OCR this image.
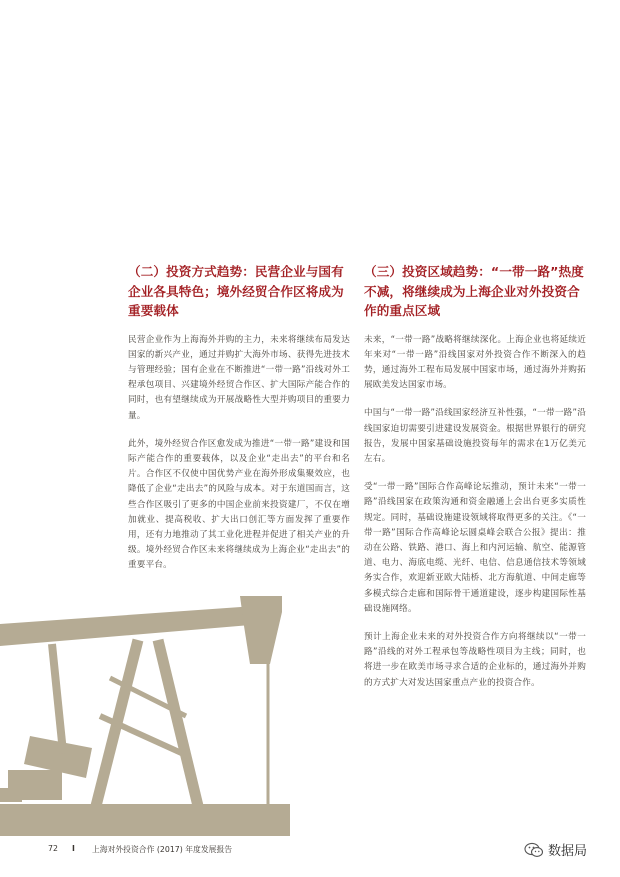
（二）投资方式趋势：民营企业与国有企业各具特色；境外经贸合作区将成为重要载体

民营企业作为上海海外并购的主力，未来将继续布局发达国家的新兴产业，通过并购扩大海外市场、获得先进技术与管理经验；国有企业在不断推进“一带一路”沿线对外工程承包项目、兴建境外经贸合作区、扩大国际产能合作的同时，也有望继续成为开展战略性大型并购项目的重要力量。

此外，境外经贸合作区愈发成为推进“一带一路”建设和国际产能合作的重要载体，以及企业“走出去”的平台和名片。合作区不仅使中国优势产业在海外形成集聚效应，也降低了企业“走出去”的风险与成本。对于东道国而言，这些合作区吸引了更多的中国企业前来投资建厂，不仅在增加就业、提高税收、扩大出口创汇等方面发挥了重要作用，还有力地推动了其工业化进程并促进了相关产业的升级。境外经贸合作区未来将继续成为上海企业“走出去”的重要平台。

（三）投资区域趋势：“一带一路”热度不减，将继续成为上海企业对外投资合作的重点区域

未来，“一带一路”战略将继续深化。上海企业也将延续近年来对“一带一路”沿线国家对外投资合作不断深入的趋势，通过海外工程布局发展中国家市场，通过海外并购拓展欧美发达国家市场。

中国与“一带一路”沿线国家经济互补性强，“一带一路”沿线国家迫切需要引进建设发展资金。根据世界银行的研究报告，发展中国家基础设施投资每年的需求在1万亿美元左右。

受“一带一路”国际合作高峰论坛推动，预计未来“一带一路”沿线国家在政策沟通和资金融通上会出台更多实质性规定。同时，基础设施建设领域将取得更多的关注。《“一带一路”国际合作高峰论坛圆桌峰会联合公报》提出：推动在公路、铁路、港口、海上和内河运输、航空、能源管道、电力、海底电缆、光纤、电信、信息通信技术等领域务实合作，欢迎新亚欧大陆桥、北方海航道、中间走廊等多模式综合走廊和国际骨干通道建设，逐步构建国际性基础设施网络。

预计上海企业未来的对外投资合作方向将继续以“一带一路”沿线的对外工程承包等战略性项目为主线；同时，也将进一步在欧美市场寻求合适的企业标的，通过海外并购的方式扩大对发达国家重点产业的投资合作。

72 I 上海对外投资合作 (2017) 年度发展报告	数据局
